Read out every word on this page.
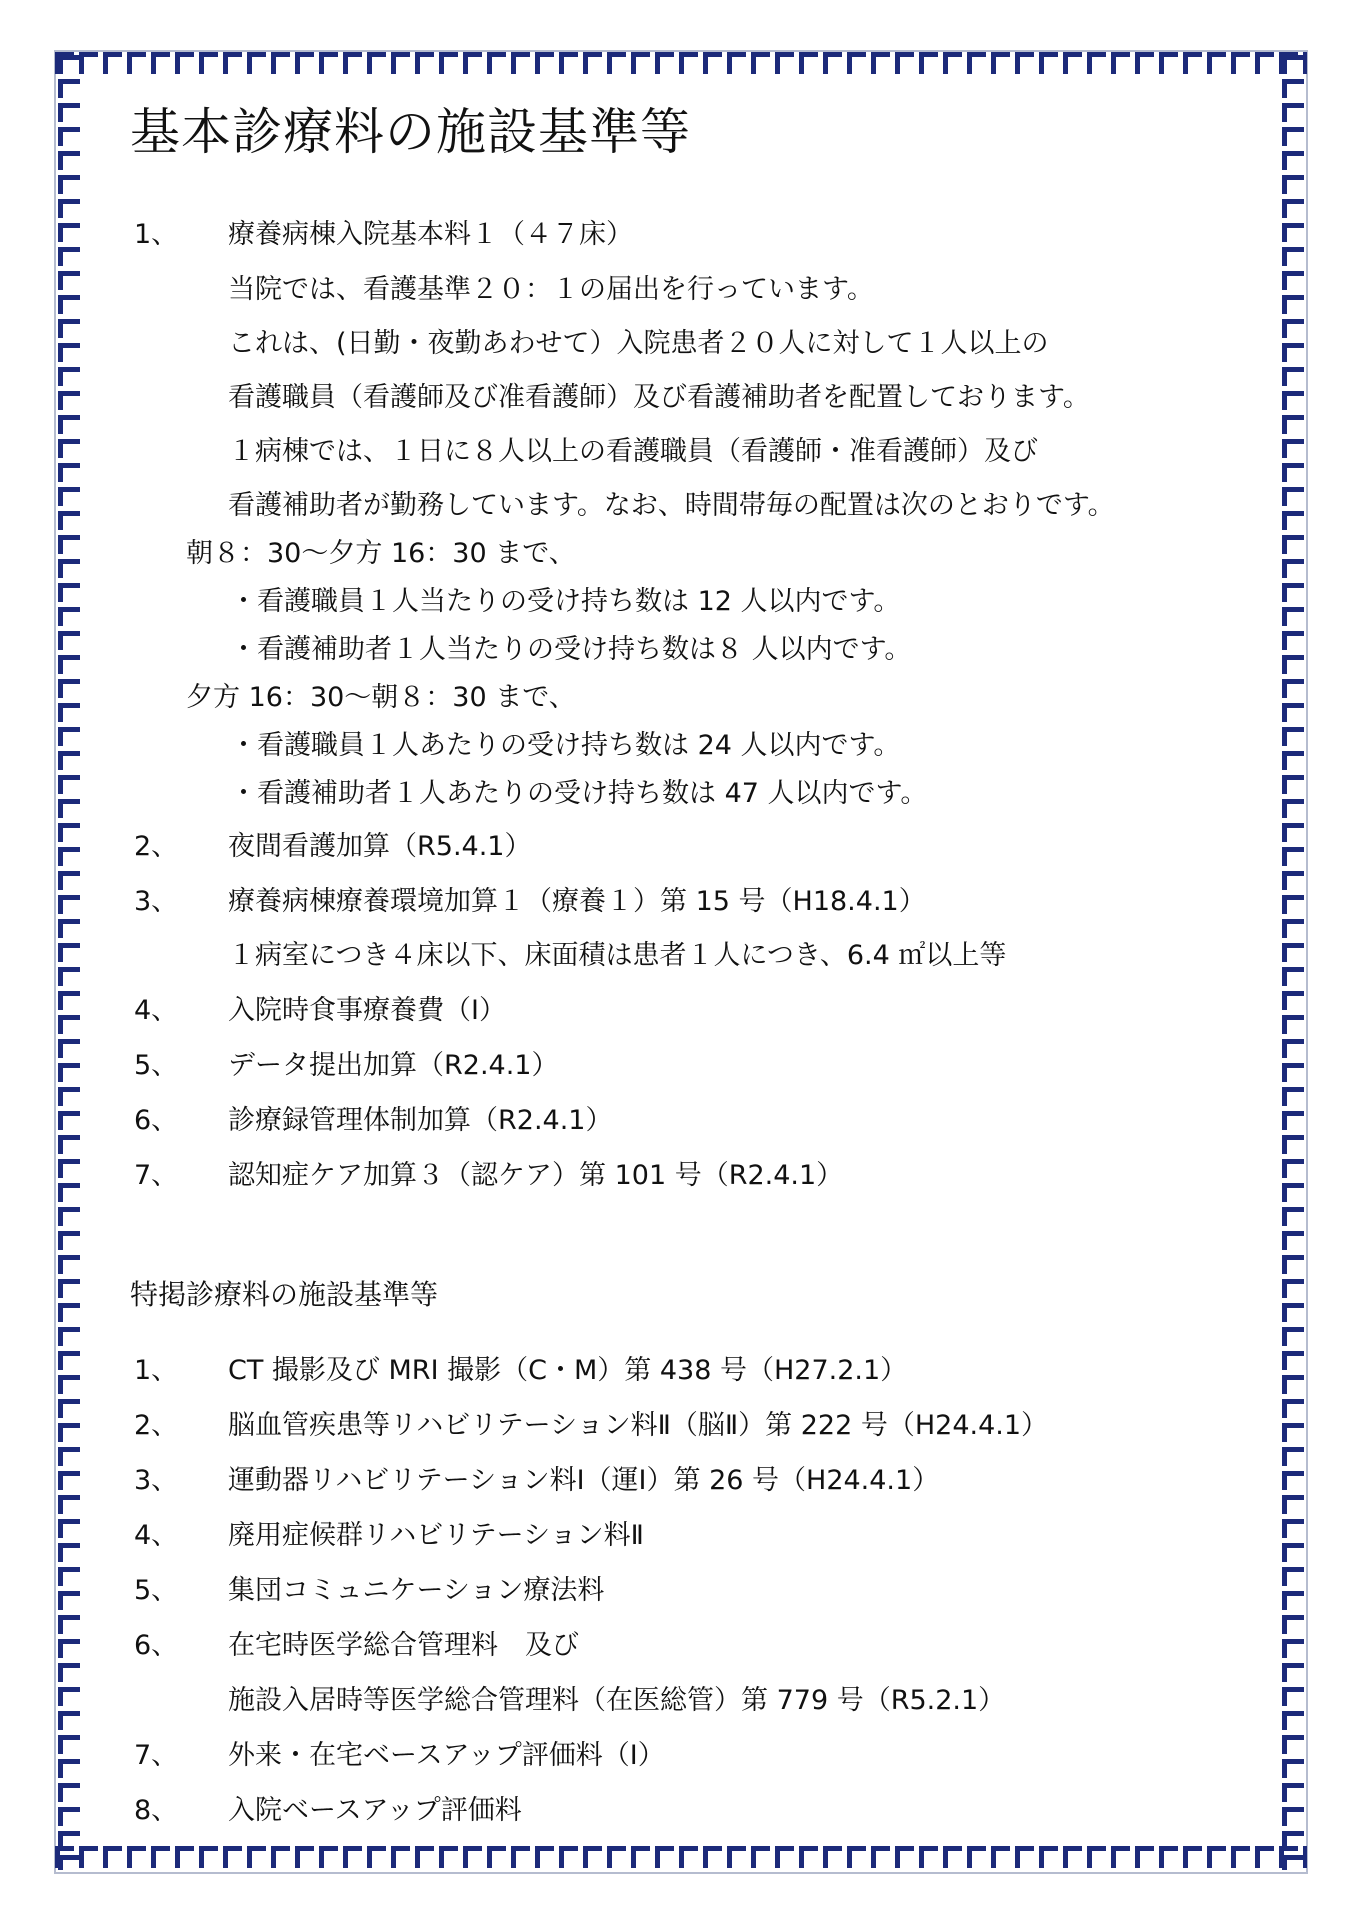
基本診療料の施設基準等
1、 療養病棟入院基本料１（４７床）
当院では、看護基準２０：１の届出を行っています。
これは、(日勤・夜勤あわせて）入院患者２０人に対して１人以上の
看護職員（看護師及び准看護師）及び看護補助者を配置しております。
１病棟では、１日に８人以上の看護職員（看護師・准看護師）及び
看護補助者が勤務しています。なお、時間帯毎の配置は次のとおりです。
朝８：30～夕方 16：30 まで、
・看護職員１人当たりの受け持ち数は 12 人以内です。
・看護補助者１人当たりの受け持ち数は８ 人以内です。
夕方 16：30～朝８：30 まで、
・看護職員１人あたりの受け持ち数は 24 人以内です。
・看護補助者１人あたりの受け持ち数は 47 人以内です。
2、 夜間看護加算（R5.4.1）
3、 療養病棟療養環境加算１（療養１）第 15 号（H18.4.1）
１病室につき４床以下、床面積は患者１人につき、6.4 ㎡以上等
4、 入院時食事療養費（Ⅰ）
5、 データ提出加算（R2.4.1）
6、 診療録管理体制加算（R2.4.1）
7、 認知症ケア加算３（認ケア）第 101 号（R2.4.1）
特掲診療料の施設基準等
1、 CT 撮影及び MRI 撮影（C・M）第 438 号（H27.2.1）
2、 脳血管疾患等リハビリテーション料Ⅱ（脳Ⅱ）第 222 号（H24.4.1）
3、 運動器リハビリテーション料Ⅰ（運Ⅰ）第 26 号（H24.4.1）
4、 廃用症候群リハビリテーション料Ⅱ
5、 集団コミュニケーション療法料
6、 在宅時医学総合管理料　及び
施設入居時等医学総合管理料（在医総管）第 779 号（R5.2.1）
7、 外来・在宅ベースアップ評価料（Ⅰ）
8、 入院ベースアップ評価料
